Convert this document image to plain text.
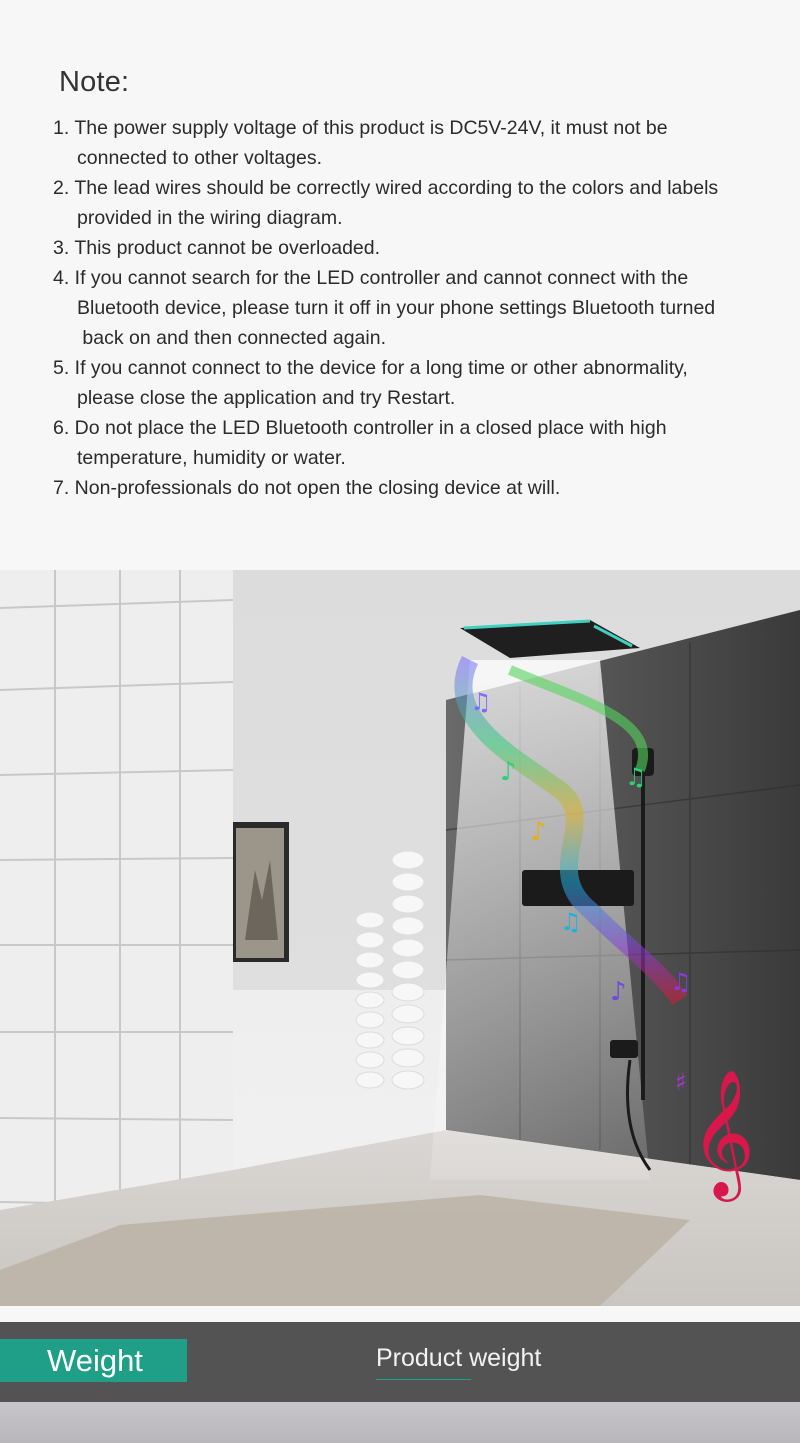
Note:
1. The power supply voltage of this product is DC5V-24V, it must not be
connected to other voltages.
2. The lead wires should be correctly wired according to the colors and labels
provided in the wiring diagram.
3. This product cannot be overloaded.
4. If you cannot search for the LED controller and cannot connect with the
Bluetooth device, please turn it off in your phone settings Bluetooth turned
back on and then connected again.
5. If you cannot connect to the device for a long time or other abnormality,
please close the application and try Restart.
6. Do not place the LED Bluetooth controller in a closed place with high
temperature, humidity or water.
7. Non-professionals do not open the closing device at will.
𝄞
♫
♪	♫
♪
♫
♪ ♫
♯
Weight	Product weight
